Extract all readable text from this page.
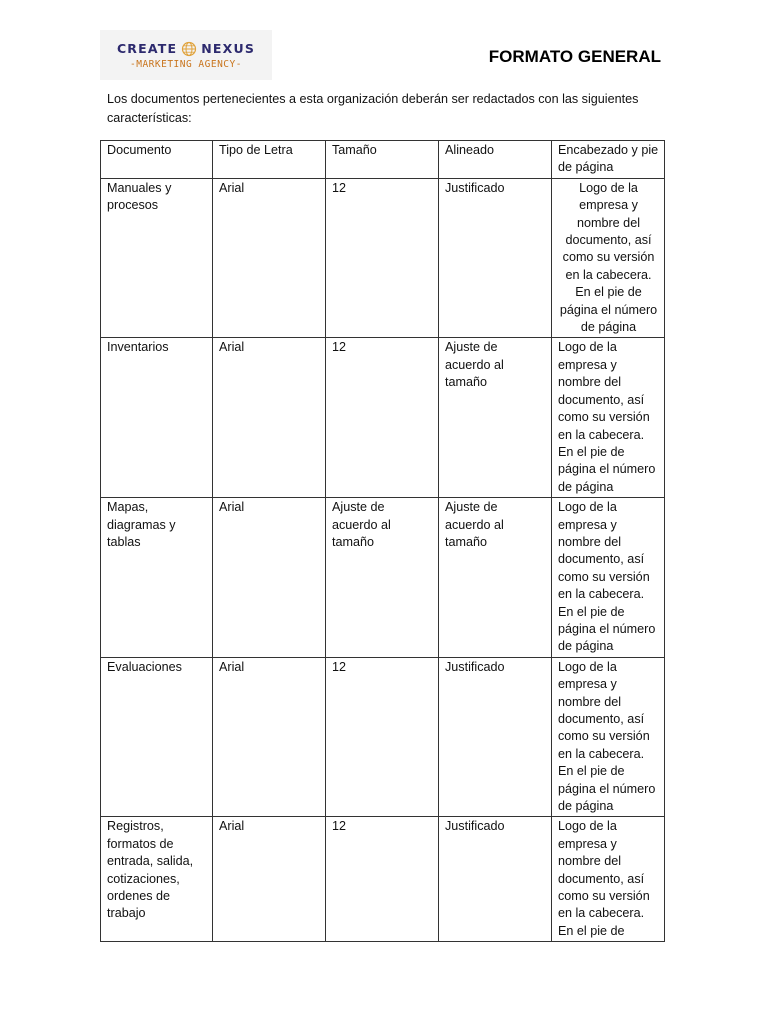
CREATE NEXUS
-MARKETING AGENCY-	FORMATO GENERAL
Los documentos pertenecientes a esta organización deberán ser redactados con las siguientes características:
Documento	Tipo de Letra	Tamaño	Alineado	Encabezado y pie de página
Manuales y procesos	Arial	12	Justificado	Logo de la empresa y nombre del documento, así como su versión en la cabecera. En el pie de página el número de página
Inventarios	Arial	12	Ajuste de acuerdo al tamaño	Logo de la empresa y nombre del documento, así como su versión en la cabecera. En el pie de página el número de página
Mapas, diagramas y tablas	Arial	Ajuste de acuerdo al tamaño	Ajuste de acuerdo al tamaño	Logo de la empresa y nombre del documento, así como su versión en la cabecera. En el pie de página el número de página
Evaluaciones	Arial	12	Justificado	Logo de la empresa y nombre del documento, así como su versión en la cabecera. En el pie de página el número de página
Registros, formatos de entrada, salida, cotizaciones, ordenes de trabajo	Arial	12	Justificado	Logo de la empresa y nombre del documento, así como su versión en la cabecera. En el pie de
